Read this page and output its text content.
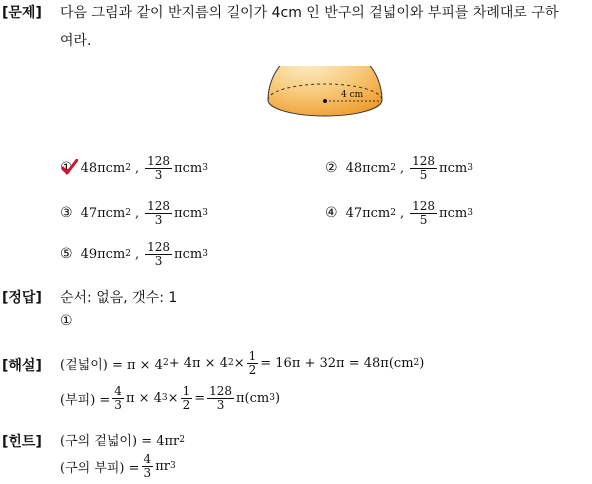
[문제] 다음 그림과 같이 반지름의 길이가 4cm 인 반구의 겉넓이와 부피를 차례대로 구하
여라.
4 cm
① 48πcm 2 , $\frac{128}{3}$ πcm 3	② 48πcm 2 , $\frac{128}{5}$ πcm 3
③ 47πcm 2 , $\frac{128}{3}$ πcm 3	④ 47πcm 2 , $\frac{128}{5}$ πcm 3
⑤ 49πcm 2 , $\frac{128}{3}$ πcm 3
[정답] 순서: 없음, 갯수: 1
①
[해설] (겉넓이) = π × 4 2 + 4π × 4 $2 \times \frac{1}{2} = 16\pi + 32\pi = 48\pi(cm$ 2 )
(부피) = $\frac{4}{3}$ π × 4 $3 \times \frac{1}{2} = \frac{128}{3} \pi(cm$ 3 )
[힌트] (구의 겉넓이) = 4πr 2
(구의 부피) = $\frac{4}{3}$ πr 3
